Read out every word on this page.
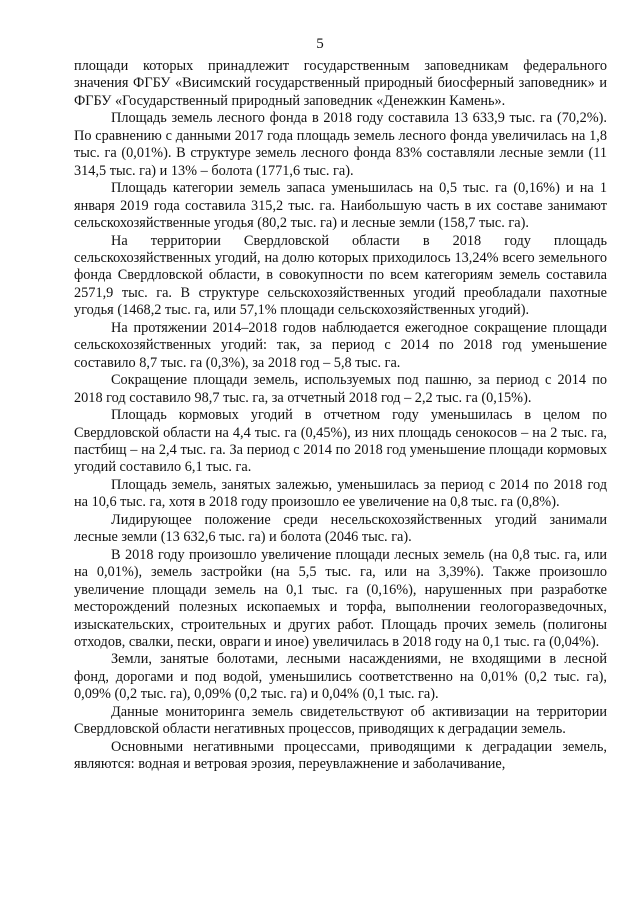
5

площади которых принадлежит государственным заповедникам федерального значения ФГБУ «Висимский государственный природный биосферный заповедник» и ФГБУ «Государственный природный заповедник «Денежкин Камень».

Площадь земель лесного фонда в 2018 году составила 13 633,9 тыс. га (70,2%). По сравнению с данными 2017 года площадь земель лесного фонда увеличилась на 1,8 тыс. га (0,01%). В структуре земель лесного фонда 83% составляли лесные земли (11 314,5 тыс. га) и 13% – болота (1771,6 тыс. га).

Площадь категории земель запаса уменьшилась на 0,5 тыс. га (0,16%) и на 1 января 2019 года составила 315,2 тыс. га. Наибольшую часть в их составе занимают сельскохозяйственные угодья (80,2 тыс. га) и лесные земли (158,7 тыс. га).

На территории Свердловской области в 2018 году площадь сельскохозяйственных угодий, на долю которых приходилось 13,24% всего земельного фонда Свердловской области, в совокупности по всем категориям земель составила 2571,9 тыс. га. В структуре сельскохозяйственных угодий преобладали пахотные угодья (1468,2 тыс. га, или 57,1% площади сельскохозяйственных угодий).

На протяжении 2014–2018 годов наблюдается ежегодное сокращение площади сельскохозяйственных угодий: так, за период с 2014 по 2018 год уменьшение составило 8,7 тыс. га (0,3%), за 2018 год – 5,8 тыс. га.

Сокращение площади земель, используемых под пашню, за период с 2014 по 2018 год составило 98,7 тыс. га, за отчетный 2018 год – 2,2 тыс. га (0,15%).

Площадь кормовых угодий в отчетном году уменьшилась в целом по Свердловской области на 4,4 тыс. га (0,45%), из них площадь сенокосов – на 2 тыс. га, пастбищ – на 2,4 тыс. га. За период с 2014 по 2018 год уменьшение площади кормовых угодий составило 6,1 тыс. га.

Площадь земель, занятых залежью, уменьшилась за период с 2014 по 2018 год на 10,6 тыс. га, хотя в 2018 году произошло ее увеличение на 0,8 тыс. га (0,8%).

Лидирующее положение среди несельскохозяйственных угодий занимали лесные земли (13 632,6 тыс. га) и болота (2046 тыс. га).

В 2018 году произошло увеличение площади лесных земель (на 0,8 тыс. га, или на 0,01%), земель застройки (на 5,5 тыс. га, или на 3,39%). Также произошло увеличение площади земель на 0,1 тыс. га (0,16%), нарушенных при разработке месторождений полезных ископаемых и торфа, выполнении геологоразведочных, изыскательских, строительных и других работ. Площадь прочих земель (полигоны отходов, свалки, пески, овраги и иное) увеличилась в 2018 году на 0,1 тыс. га (0,04%).

Земли, занятые болотами, лесными насаждениями, не входящими в лесной фонд, дорогами и под водой, уменьшились соответственно на 0,01% (0,2 тыс. га), 0,09% (0,2 тыс. га), 0,09% (0,2 тыс. га) и 0,04% (0,1 тыс. га).

Данные мониторинга земель свидетельствуют об активизации на территории Свердловской области негативных процессов, приводящих к деградации земель.

Основными негативными процессами, приводящими к деградации земель, являются: водная и ветровая эрозия, переувлажнение и заболачивание,
